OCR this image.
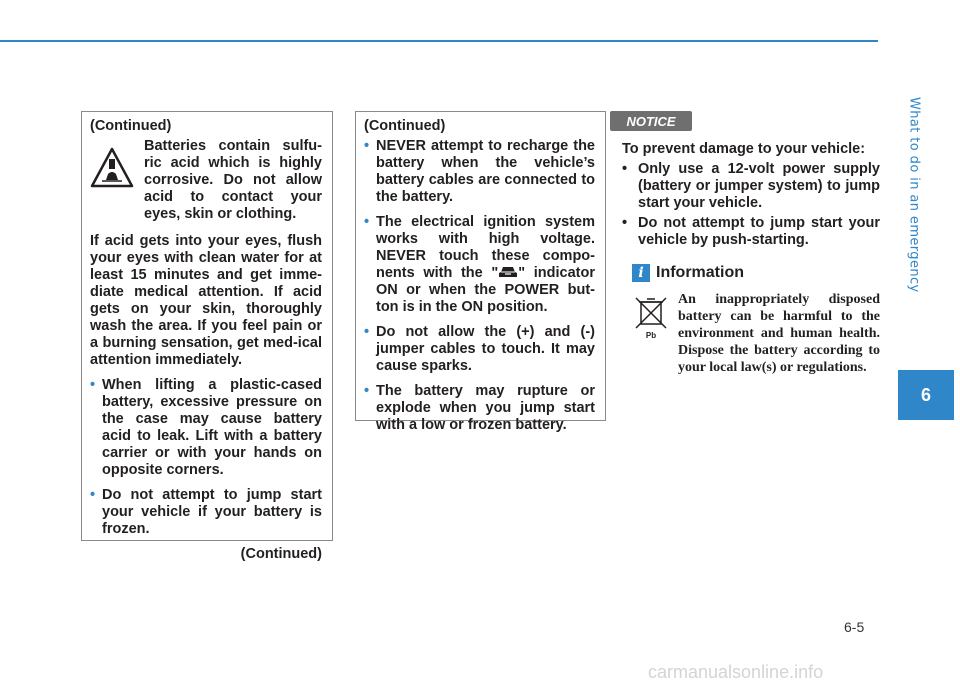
What to do in an emergency
6
6-5

(Continued)

Batteries contain sulfu-ric acid which is highly corrosive. Do not allow acid to contact your eyes, skin or clothing.

If acid gets into your eyes, flush your eyes with clean water for at least 15 minutes and get imme-diate medical attention. If acid gets on your skin, thoroughly wash the area. If you feel pain or a burning sensation, get med-ical attention immediately.

• When lifting a plastic-cased battery, excessive pressure on the case may cause battery acid to leak. Lift with a battery carrier or with your hands on opposite corners.
• Do not attempt to jump start your vehicle if your battery is frozen.
(Continued)

(Continued)

• NEVER attempt to recharge the battery when the vehicle’s battery cables are connected to the battery.
• The electrical ignition system works with high voltage. NEVER touch these compo-nents with the " " indicator ON or when the POWER but-ton is in the ON position.
• Do not allow the (+) and (-) jumper cables to touch. It may cause sparks.
• The battery may rupture or explode when you jump start with a low or frozen battery.
NOTICE
To prevent damage to your vehicle:
• Only use a 12-volt power supply (battery or jumper system) to jump start your vehicle.
• Do not attempt to jump start your vehicle by push-starting.
i Information
Pb
An inappropriately disposed battery can be harmful to the environment and human health. Dispose the battery according to your local law(s) or regulations.
carmanualsonline.info
